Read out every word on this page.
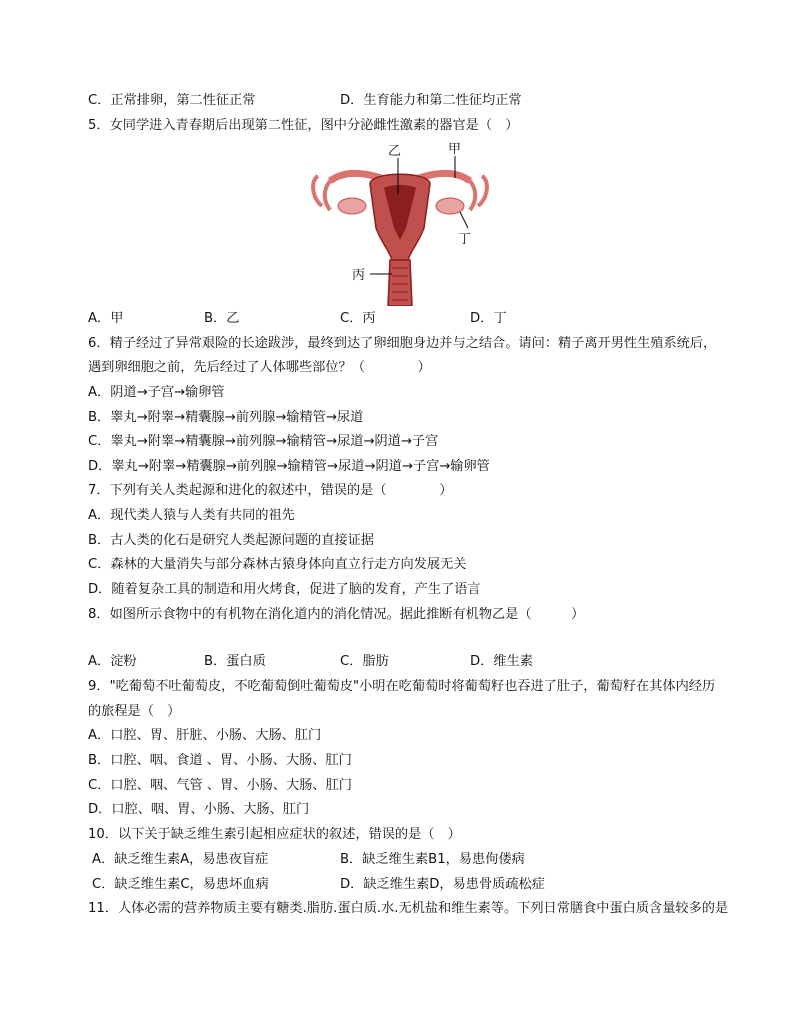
C．正常排卵，第二性征正常	D．生育能力和第二性征均正常
5．女同学进入青春期后出现第二性征，图中分泌雌性激素的器官是（　）
乙	甲
丁
丙
A．甲	B．乙	C．丙	D．丁
6．精子经过了异常艰险的长途跋涉，最终到达了卵细胞身边并与之结合。请问：精子离开男性生殖系统后，
遇到卵细胞之前，先后经过了人体哪些部位？（　　　　）
A．阴道→子宫→输卵管
B．睾丸→附睾→精囊腺→前列腺→输精管→尿道
C．睾丸→附睾→精囊腺→前列腺→输精管→尿道→阴道→子宫
D．睾丸→附睾→精囊腺→前列腺→输精管→尿道→阴道→子宫→输卵管
7．下列有关人类起源和进化的叙述中，错误的是（　　　　）
A．现代类人猿与人类有共同的祖先
B．古人类的化石是研究人类起源问题的直接证据
C．森林的大量消失与部分森林古猿身体向直立行走方向发展无关
D．随着复杂工具的制造和用火烤食，促进了脑的发育，产生了语言
8．如图所示食物中的有机物在消化道内的消化情况。据此推断有机物乙是（　　　）
A．淀粉	B．蛋白质	C．脂肪	D．维生素
9．"吃葡萄不吐葡萄皮，不吃葡萄倒吐葡萄皮"小明在吃葡萄时将葡萄籽也吞进了肚子，葡萄籽在其体内经历
的旅程是（　）
A．口腔、胃、肝脏、小肠、大肠、肛门
B．口腔、咽、食道 、胃、小肠、大肠、肛门
C．口腔、咽、气管 、胃、小肠、大肠、肛门
D．口腔、咽、胃、小肠、大肠、肛门
10．以下关于缺乏维生素引起相应症状的叙述，错误的是（　）
A．缺乏维生素A，易患夜盲症	B．缺乏维生素B1，易患佝偻病
C．缺乏维生素C，易患坏血病	D．缺乏维生素D，易患骨质疏松症
11．人体必需的营养物质主要有糖类.脂肪.蛋白质.水.无机盐和维生素等。下列日常膳食中蛋白质含量较多的是
